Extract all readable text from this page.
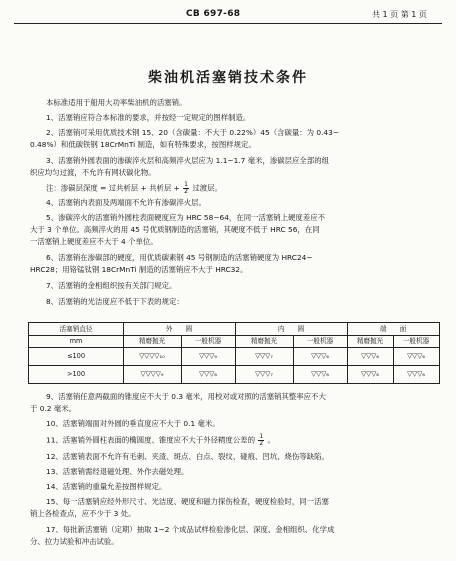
CB 697-68	共 1 页 第 1 页
柴油机活塞销技术条件
本标准适用于船用大功率柴油机的活塞销。
1、活塞销应符合本标准的要求，并按经一定规定的图样制造。
2、活塞销可采用优质技术钢 15、20（含碳量：不大于 0.22%）45（含碳量：为 0.43~
0.48%）和低碳铁钢 18CrMnTi 制造，如有特殊要求，按图样规定。
3、活塞销外圆表面的渗碳淬火层和高频淬火层应为 1.1~1.7 毫米，渗碳层应全部的组
织应均匀过渡，不允许有网状碳化物。
注：渗碳层深度 = 过共析层 + 共析层 + $\frac{1}{2}$ 过渡层。
4、活塞销内表面及两端面不允许有渗碳淬火层。
5、渗碳淬火的活塞销外圆柱表面硬度应为 HRC 58~64，在同一活塞销上硬度差应不
大于 3 个单位。高频淬火的用 45 号优质钢制造的活塞销，其硬度不低于 HRC 56，在同
一活塞销上硬度差应不大于 4 个单位。
6、活塞销在渗碳部的硬度，用优质碳素钢 45 号钢制造的活塞销硬度为 HRC24~
HRC28；用铬锰钛钢 18CrMnTi 制造的活塞销应不大于 HRC32。
7、活塞销的金相组织按有关部门规定。
8、活塞销的光洁度应不低于下表的规定：
活塞销直径	外　　圆	内　　圆	端　　面
mm	精磨抛光	一般机器	精磨抛光	一般机器	精磨抛光	一般机器
≤100	▽▽▽▽₁₀	▽▽▽₉	▽▽▽₇	▽▽▽₆	▽▽▽₆	▽▽▽₆
>100	▽▽▽▽₉	▽▽▽₈	▽▽▽₇	▽▽▽₆	▽▽▽₆	▽▽▽₆
9、活塞销任意两截面的锥度应不大于 0.3 毫米，用校对或对照的活塞销其整率应不大
于 0.2 毫米。
10、活塞销端面对外圆的垂直度应不大于 0.1 毫米。
11、活塞销外圆柱表面的椭圆度、锥度应不大于外径精度公差的 $\frac{1}{2}$ 。
12、活塞销表面不允许有毛刺、夹渣、斑点、白点、裂纹、碰痕、凹坑、烧伤等缺陷。
13、活塞销需经退磁处理、外作去磁处理。
14、活塞销的重量允差按图样规定。
15、每一活塞销应经外形尺寸、光洁度、硬度和磁力探伤检查，硬度检验时，同一活塞
销上各检查点，应不少于 3 处。
17、每批新活塞销（定期）抽取 1~2 个成品试样检验渗化层、深度、金相组织、化学成
分、拉力试验和冲击试验。
